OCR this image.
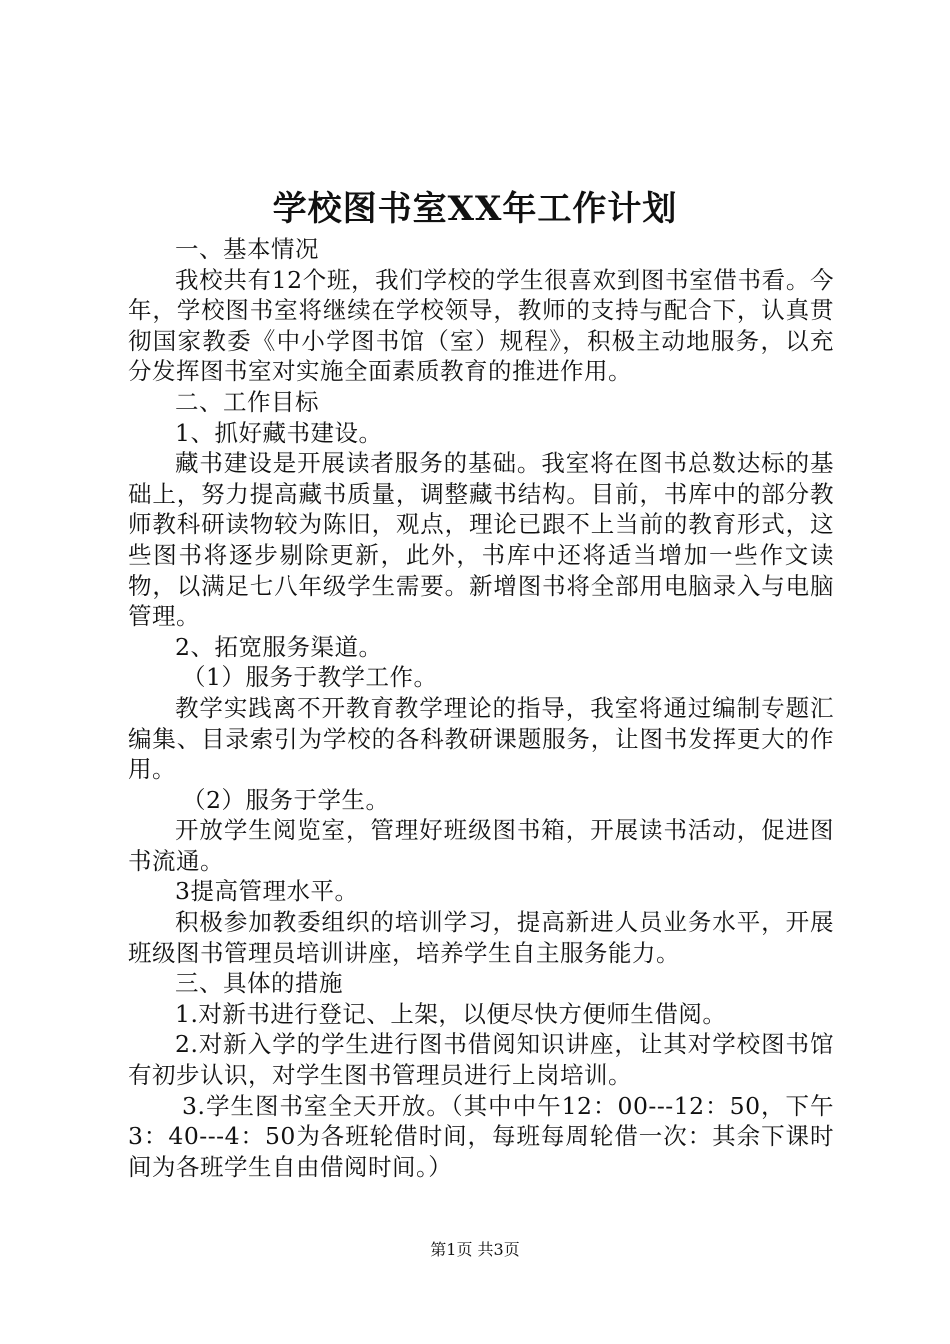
学校图书室XX年工作计划

一、基本情况

我校共有12个班，我们学校的学生很喜欢到图书室借书看。今年，学校图书室将继续在学校领导，教师的支持与配合下，认真贯彻国家教委《中小学图书馆（室）规程》，积极主动地服务，以充分发挥图书室对实施全面素质教育的推进作用。

二、工作目标

1、抓好藏书建设。

藏书建设是开展读者服务的基础。我室将在图书总数达标的基础上，努力提高藏书质量，调整藏书结构。目前，书库中的部分教师教科研读物较为陈旧，观点，理论已跟不上当前的教育形式，这些图书将逐步剔除更新，此外，书库中还将适当增加一些作文读物，以满足七八年级学生需要。新增图书将全部用电脑录入与电脑管理。

2、拓宽服务渠道。

（1）服务于教学工作。

教学实践离不开教育教学理论的指导，我室将通过编制专题汇编集、目录索引为学校的各科教研课题服务，让图书发挥更大的作用。

（2）服务于学生。

开放学生阅览室，管理好班级图书箱，开展读书活动，促进图书流通。

3提高管理水平。

积极参加教委组织的培训学习，提高新进人员业务水平，开展班级图书管理员培训讲座，培养学生自主服务能力。

三、具体的措施

1.对新书进行登记、上架，以便尽快方便师生借阅。

2.对新入学的学生进行图书借阅知识讲座，让其对学校图书馆有初步认识，对学生图书管理员进行上岗培训。

3.学生图书室全天开放。（其中中午12：00---12：50，下午3：40---4：50为各班轮借时间，每班每周轮借一次：其余下课时间为各班学生自由借阅时间。）

第1页 共3页
